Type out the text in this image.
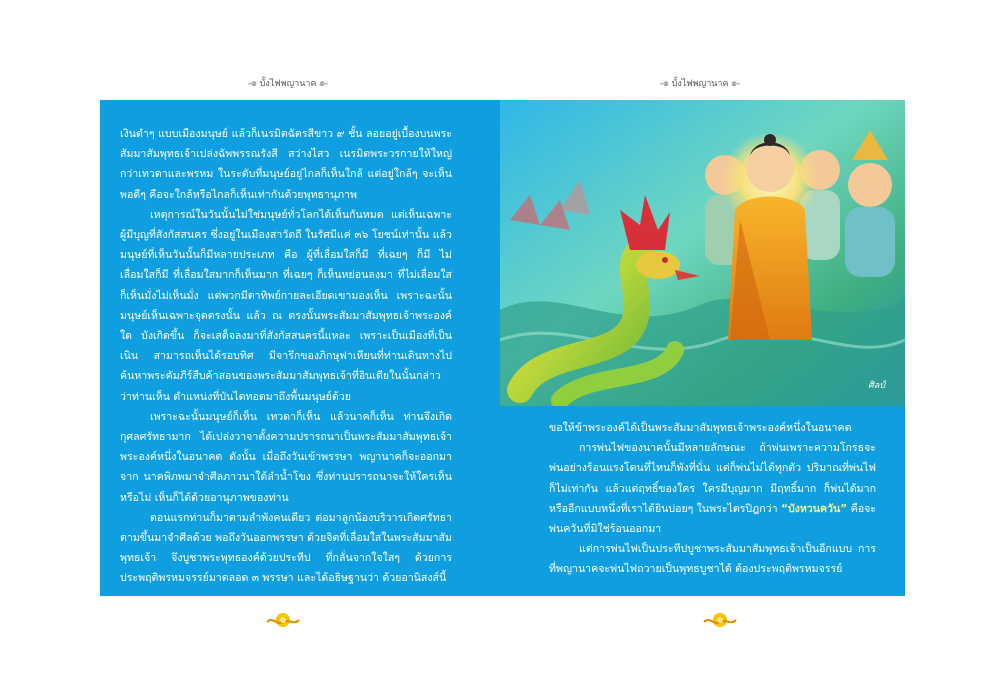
-๏ บั้งไฟพญานาค ๏-	-๏ บั้งไฟพญานาค ๏-
ศิลป์

เงินดำๆ แบบเมืองมนุษย์ แล้วก็เนรมิตฉัตรสีขาว ๙ ชั้น ลอยอยู่เบื้องบนพระสัมมาสัมพุทธเจ้าเปล่งฉัพพรรณรังสี สว่างไสว เนรมิตพระวรกายให้ใหญ่กว่าเทวดาและพรหม ในระดับที่มนุษย์อยู่ไกลก็เห็นใกล้ แต่อยู่ใกล้ๆ จะเห็นพอดีๆ คือจะใกล้หรือไกลก็เห็นเท่ากันด้วยพุทธานุภาพ

เหตุการณ์ในวันนั้นไม่ใช่มนุษย์ทั่วโลกได้เห็นกันหมด แต่เห็นเฉพาะ ผู้มีบุญที่สังกัสสนคร ซึ่งอยู่ในเมืองสาวัตถี ในรัศมีแค่ ๓๖ โยชน์เท่านั้น แล้วมนุษย์ที่เห็นวันนั้นก็มีหลายประเภท คือ ผู้ที่เลื่อมใสก็มี ที่เฉยๆ ก็มี ไม่เลื่อมใสก็มี ที่เลื่อมใสมากก็เห็นมาก ที่เฉยๆ ก็เห็นหย่อนลงมา ที่ไม่เลื่อมใสก็เห็นมั่งไม่เห็นมั่ง แต่พวกมีตาทิพย์กายละเอียดเขามองเห็น เพราะฉะนั้นมนุษย์เห็นเฉพาะจุดตรงนั้น แล้ว ณ ตรงนั้นพระสัมมาสัมพุทธเจ้าพระองค์ใด บังเกิดขึ้น ก็จะเสด็จลงมาที่สังกัสสนครนี้แหละ เพราะเป็นเมืองที่เป็นเนิน สามารถเห็นได้รอบทิศ มีจารึกของภิกษุฟาเหียนที่ท่านเดินทางไปค้นหาพระคัมภีร์สืบค้าสอนของพระสัมมาสัมพุทธเจ้าที่อินเดียในนั้นกล่าวว่าท่านเห็น ตำแหน่งที่บันไดทอดมาถึงพื้นมนุษย์ด้วย

เพราะฉะนั้นมนุษย์ก็เห็น เทวดาก็เห็น แล้วนาคก็เห็น ท่านจึงเกิดกุศลศรัทธามาก ได้เปล่งวาจาตั้งความปรารถนาเป็นพระสัมมาสัมพุทธเจ้าพระองค์หนึ่งในอนาคต ดังนั้น เมื่อถึงวันเข้าพรรษา พญานาคก็จะออกมาจาก นาคพิภพมาจำศีลภาวนาใต้ลำน้ำโขง ซึ่งท่านปรารถนาจะให้ใครเห็นหรือไม่ เห็นก็ได้ด้วยอานุภาพของท่าน

ตอนแรกท่านก็มาตามลำพังคนเดียว ต่อมาลูกน้องบริวารเกิดศรัทธาตามขึ้นมาจำศีลด้วย พอถึงวันออกพรรษา ด้วยจิตที่เลื่อมใสในพระสัมมาสัมพุทธเจ้า จึงบูชาพระพุทธองค์ด้วยประทีป ที่กลั่นจากใจใสๆ ด้วยการประพฤติพรหมจรรย์มาตลอด ๓ พรรษา และได้อธิษฐานว่า ด้วยอานิสงส์นี้

ขอให้ข้าพระองค์ได้เป็นพระสัมมาสัมพุทธเจ้าพระองค์หนึ่งในอนาคต

การพ่นไฟของนาคนั้นมีหลายลักษณะ ถ้าพ่นเพราะความโกรธจะพ่นอย่างร้อนแรงโดนที่ไหนก็พังที่นั่น แต่ก็พ่นไม่ได้ทุกตัว ปริมาณที่พ่นไฟก็ไม่เท่ากัน แล้วแต่ฤทธิ์ของใคร ใครมีบุญมาก มีฤทธิ์มาก ก็พ่นได้มาก หรืออีกแบบหนึ่งที่เราได้ยินบ่อยๆ ในพระไตรปิฎกว่า “บังหวนควัน” คือจะพ่นควันที่มิใช่ร้อนออกมา

แต่การพ่นไฟเป็นประทีปบูชาพระสัมมาสัมพุทธเจ้าเป็นอีกแบบ การที่พญานาคจะพ่นไฟถวายเป็นพุทธบูชาได้ ต้องประพฤติพรหมจรรย์
